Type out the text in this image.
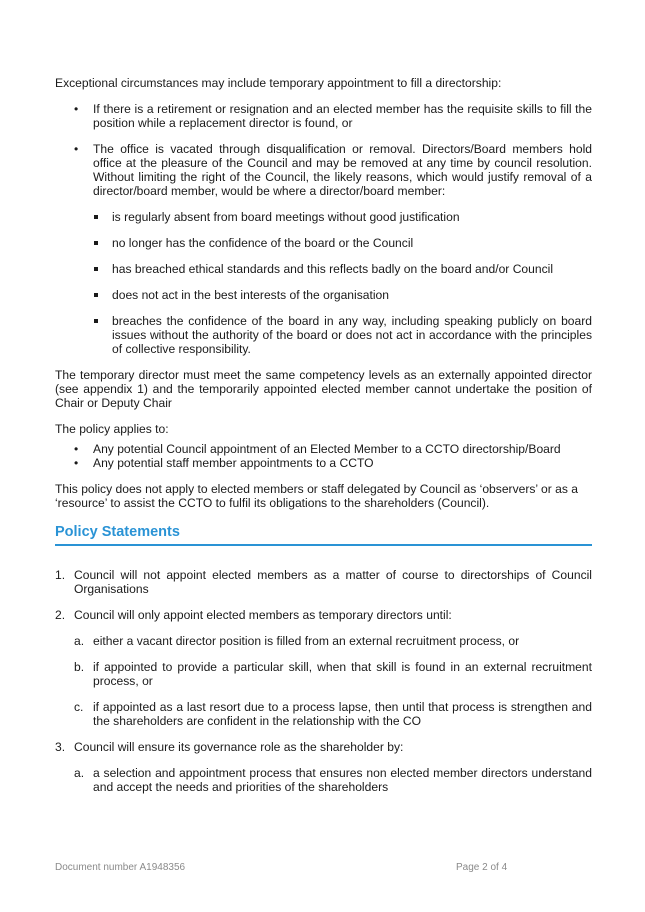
Exceptional circumstances may include temporary appointment to fill a directorship:

• If there is a retirement or resignation and an elected member has the requisite skills to fill the position while a replacement director is found, or
• The office is vacated through disqualification or removal. Directors/Board members hold office at the pleasure of the Council and may be removed at any time by council resolution. Without limiting the right of the Council, the likely reasons, which would justify removal of a director/board member, would be where a director/board member:
is regularly absent from board meetings without good justification
no longer has the confidence of the board or the Council
has breached ethical standards and this reflects badly on the board and/or Council
does not act in the best interests of the organisation
breaches the confidence of the board in any way, including speaking publicly on board issues without the authority of the board or does not act in accordance with the principles of collective responsibility.

The temporary director must meet the same competency levels as an externally appointed director (see appendix 1) and the temporarily appointed elected member cannot undertake the position of Chair or Deputy Chair

The policy applies to:

• Any potential Council appointment of an Elected Member to a CCTO directorship/Board
• Any potential staff member appointments to a CCTO

This policy does not apply to elected members or staff delegated by Council as ‘observers’ or as a ‘resource’ to assist the CCTO to fulfil its obligations to the shareholders (Council).

Policy Statements
1. Council will not appoint elected members as a matter of course to directorships of Council Organisations
2. Council will only appoint elected members as temporary directors until:
a. either a vacant director position is filled from an external recruitment process, or
b. if appointed to provide a particular skill, when that skill is found in an external recruitment process, or
c. if appointed as a last resort due to a process lapse, then until that process is strengthen and the shareholders are confident in the relationship with the CO
3. Council will ensure its governance role as the shareholder by:
a. a selection and appointment process that ensures non elected member directors understand and accept the needs and priorities of the shareholders
Document number A1948356	Page 2 of 4
